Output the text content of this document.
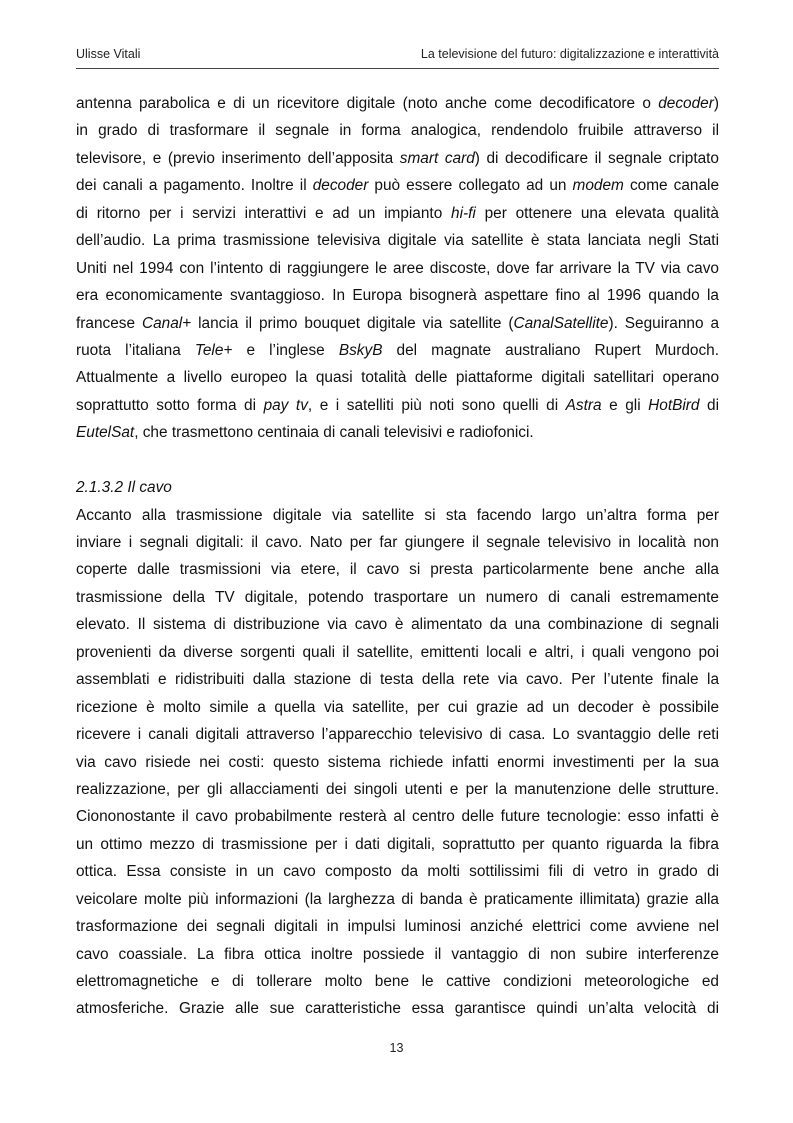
Ulisse Vitali	La televisione del futuro: digitalizzazione e interattività
antenna parabolica e di un ricevitore digitale (noto anche come decodificatore o decoder)
in grado di trasformare il segnale in forma analogica, rendendolo fruibile attraverso il
televisore, e (previo inserimento dell’apposita smart card) di decodificare il segnale criptato
dei canali a pagamento. Inoltre il decoder può essere collegato ad un modem come canale
di ritorno per i servizi interattivi e ad un impianto hi-fi per ottenere una elevata qualità
dell’audio. La prima trasmissione televisiva digitale via satellite è stata lanciata negli Stati
Uniti nel 1994 con l’intento di raggiungere le aree discoste, dove far arrivare la TV via cavo
era economicamente svantaggioso. In Europa bisognerà aspettare fino al 1996 quando la
francese Canal+ lancia il primo bouquet digitale via satellite (CanalSatellite). Seguiranno a
ruota l’italiana Tele+ e l’inglese BskyB del magnate australiano Rupert Murdoch.
Attualmente a livello europeo la quasi totalità delle piattaforme digitali satellitari operano
soprattutto sotto forma di pay tv, e i satelliti più noti sono quelli di Astra e gli HotBird di
EutelSat, che trasmettono centinaia di canali televisivi e radiofonici.
2.1.3.2 Il cavo
Accanto alla trasmissione digitale via satellite si sta facendo largo un’altra forma per
inviare i segnali digitali: il cavo. Nato per far giungere il segnale televisivo in località non
coperte dalle trasmissioni via etere, il cavo si presta particolarmente bene anche alla
trasmissione della TV digitale, potendo trasportare un numero di canali estremamente
elevato. Il sistema di distribuzione via cavo è alimentato da una combinazione di segnali
provenienti da diverse sorgenti quali il satellite, emittenti locali e altri, i quali vengono poi
assemblati e ridistribuiti dalla stazione di testa della rete via cavo. Per l’utente finale la
ricezione è molto simile a quella via satellite, per cui grazie ad un decoder è possibile
ricevere i canali digitali attraverso l’apparecchio televisivo di casa. Lo svantaggio delle reti
via cavo risiede nei costi: questo sistema richiede infatti enormi investimenti per la sua
realizzazione, per gli allacciamenti dei singoli utenti e per la manutenzione delle strutture.
Ciononostante il cavo probabilmente resterà al centro delle future tecnologie: esso infatti è
un ottimo mezzo di trasmissione per i dati digitali, soprattutto per quanto riguarda la fibra
ottica. Essa consiste in un cavo composto da molti sottilissimi fili di vetro in grado di
veicolare molte più informazioni (la larghezza di banda è praticamente illimitata) grazie alla
trasformazione dei segnali digitali in impulsi luminosi anziché elettrici come avviene nel
cavo coassiale. La fibra ottica inoltre possiede il vantaggio di non subire interferenze
elettromagnetiche e di tollerare molto bene le cattive condizioni meteorologiche ed
atmosferiche. Grazie alle sue caratteristiche essa garantisce quindi un’alta velocità di
13
